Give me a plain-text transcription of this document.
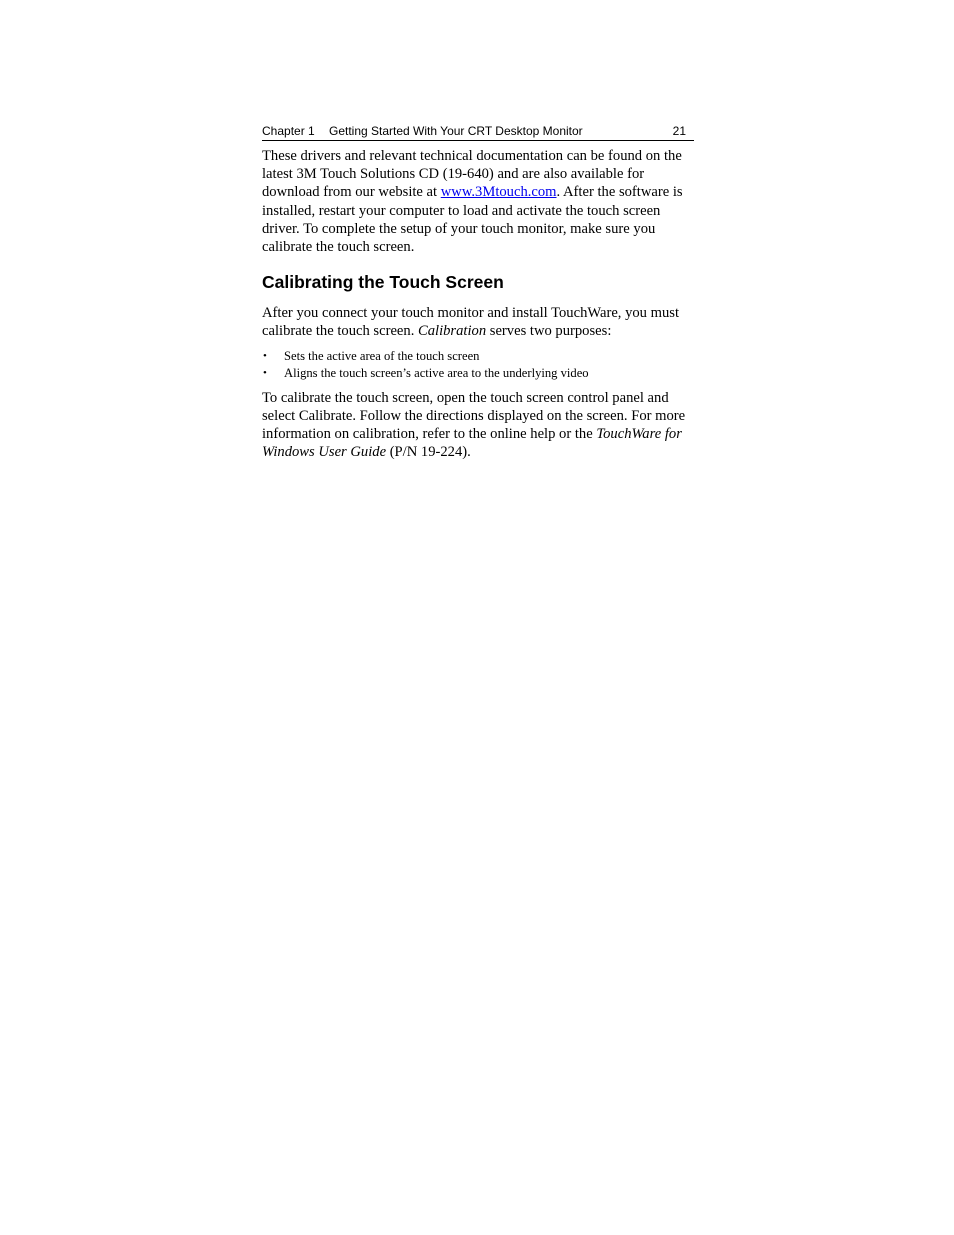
Chapter 1 Getting Started With Your CRT Desktop Monitor	21

These drivers and relevant technical documentation can be found on the latest 3M Touch Solutions CD (19-640) and are also available for download from our website at www.3Mtouch.com. After the software is installed, restart your computer to load and activate the touch screen driver. To complete the setup of your touch monitor, make sure you calibrate the touch screen.

Calibrating the Touch Screen

After you connect your touch monitor and install TouchWare, you must calibrate the touch screen. Calibration serves two purposes:

• Sets the active area of the touch screen
• Aligns the touch screen’s active area to the underlying video

To calibrate the touch screen, open the touch screen control panel and select Calibrate. Follow the directions displayed on the screen. For more information on calibration, refer to the online help or the TouchWare for Windows User Guide (P/N 19-224).
